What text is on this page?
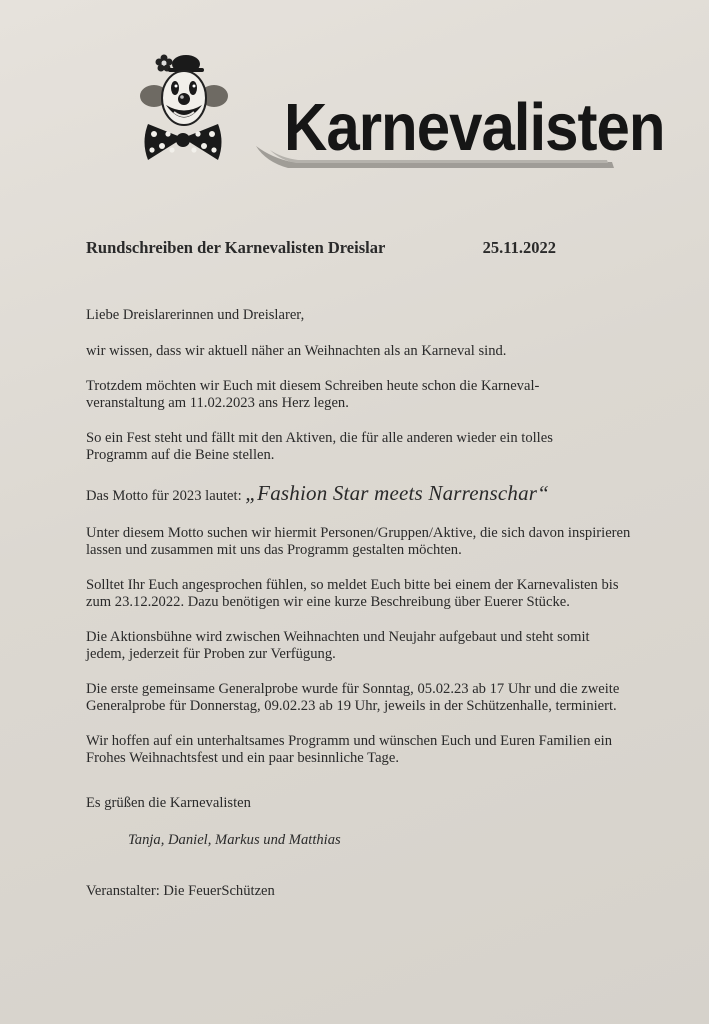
Karnevalisten
Rundschreiben der Karnevalisten Dreislar	25.11.2022

Liebe Dreislarerinnen und Dreislarer,

wir wissen, dass wir aktuell näher an Weihnachten als an Karneval sind.

Trotzdem möchten wir Euch mit diesem Schreiben heute schon die Karneval-

veranstaltung am 11.02.2023 ans Herz legen.

So ein Fest steht und fällt mit den Aktiven, die für alle anderen wieder ein tolles

Programm auf die Beine stellen.

Das Motto für 2023 lautet: „Fashion Star meets Narrenschar“

Unter diesem Motto suchen wir hiermit Personen/Gruppen/Aktive, die sich davon inspirieren

lassen und zusammen mit uns das Programm gestalten möchten.

Solltet Ihr Euch angesprochen fühlen, so meldet Euch bitte bei einem der Karnevalisten bis

zum 23.12.2022. Dazu benötigen wir eine kurze Beschreibung über Euerer Stücke.

Die Aktionsbühne wird zwischen Weihnachten und Neujahr aufgebaut und steht somit

jedem, jederzeit für Proben zur Verfügung.

Die erste gemeinsame Generalprobe wurde für Sonntag, 05.02.23 ab 17 Uhr und die zweite

Generalprobe für Donnerstag, 09.02.23 ab 19 Uhr, jeweils in der Schützenhalle, terminiert.

Wir hoffen auf ein unterhaltsames Programm und wünschen Euch und Euren Familien ein

Frohes Weihnachtsfest und ein paar besinnliche Tage.

Es grüßen die Karnevalisten

Tanja, Daniel, Markus und Matthias

Veranstalter: Die FeuerSchützen
